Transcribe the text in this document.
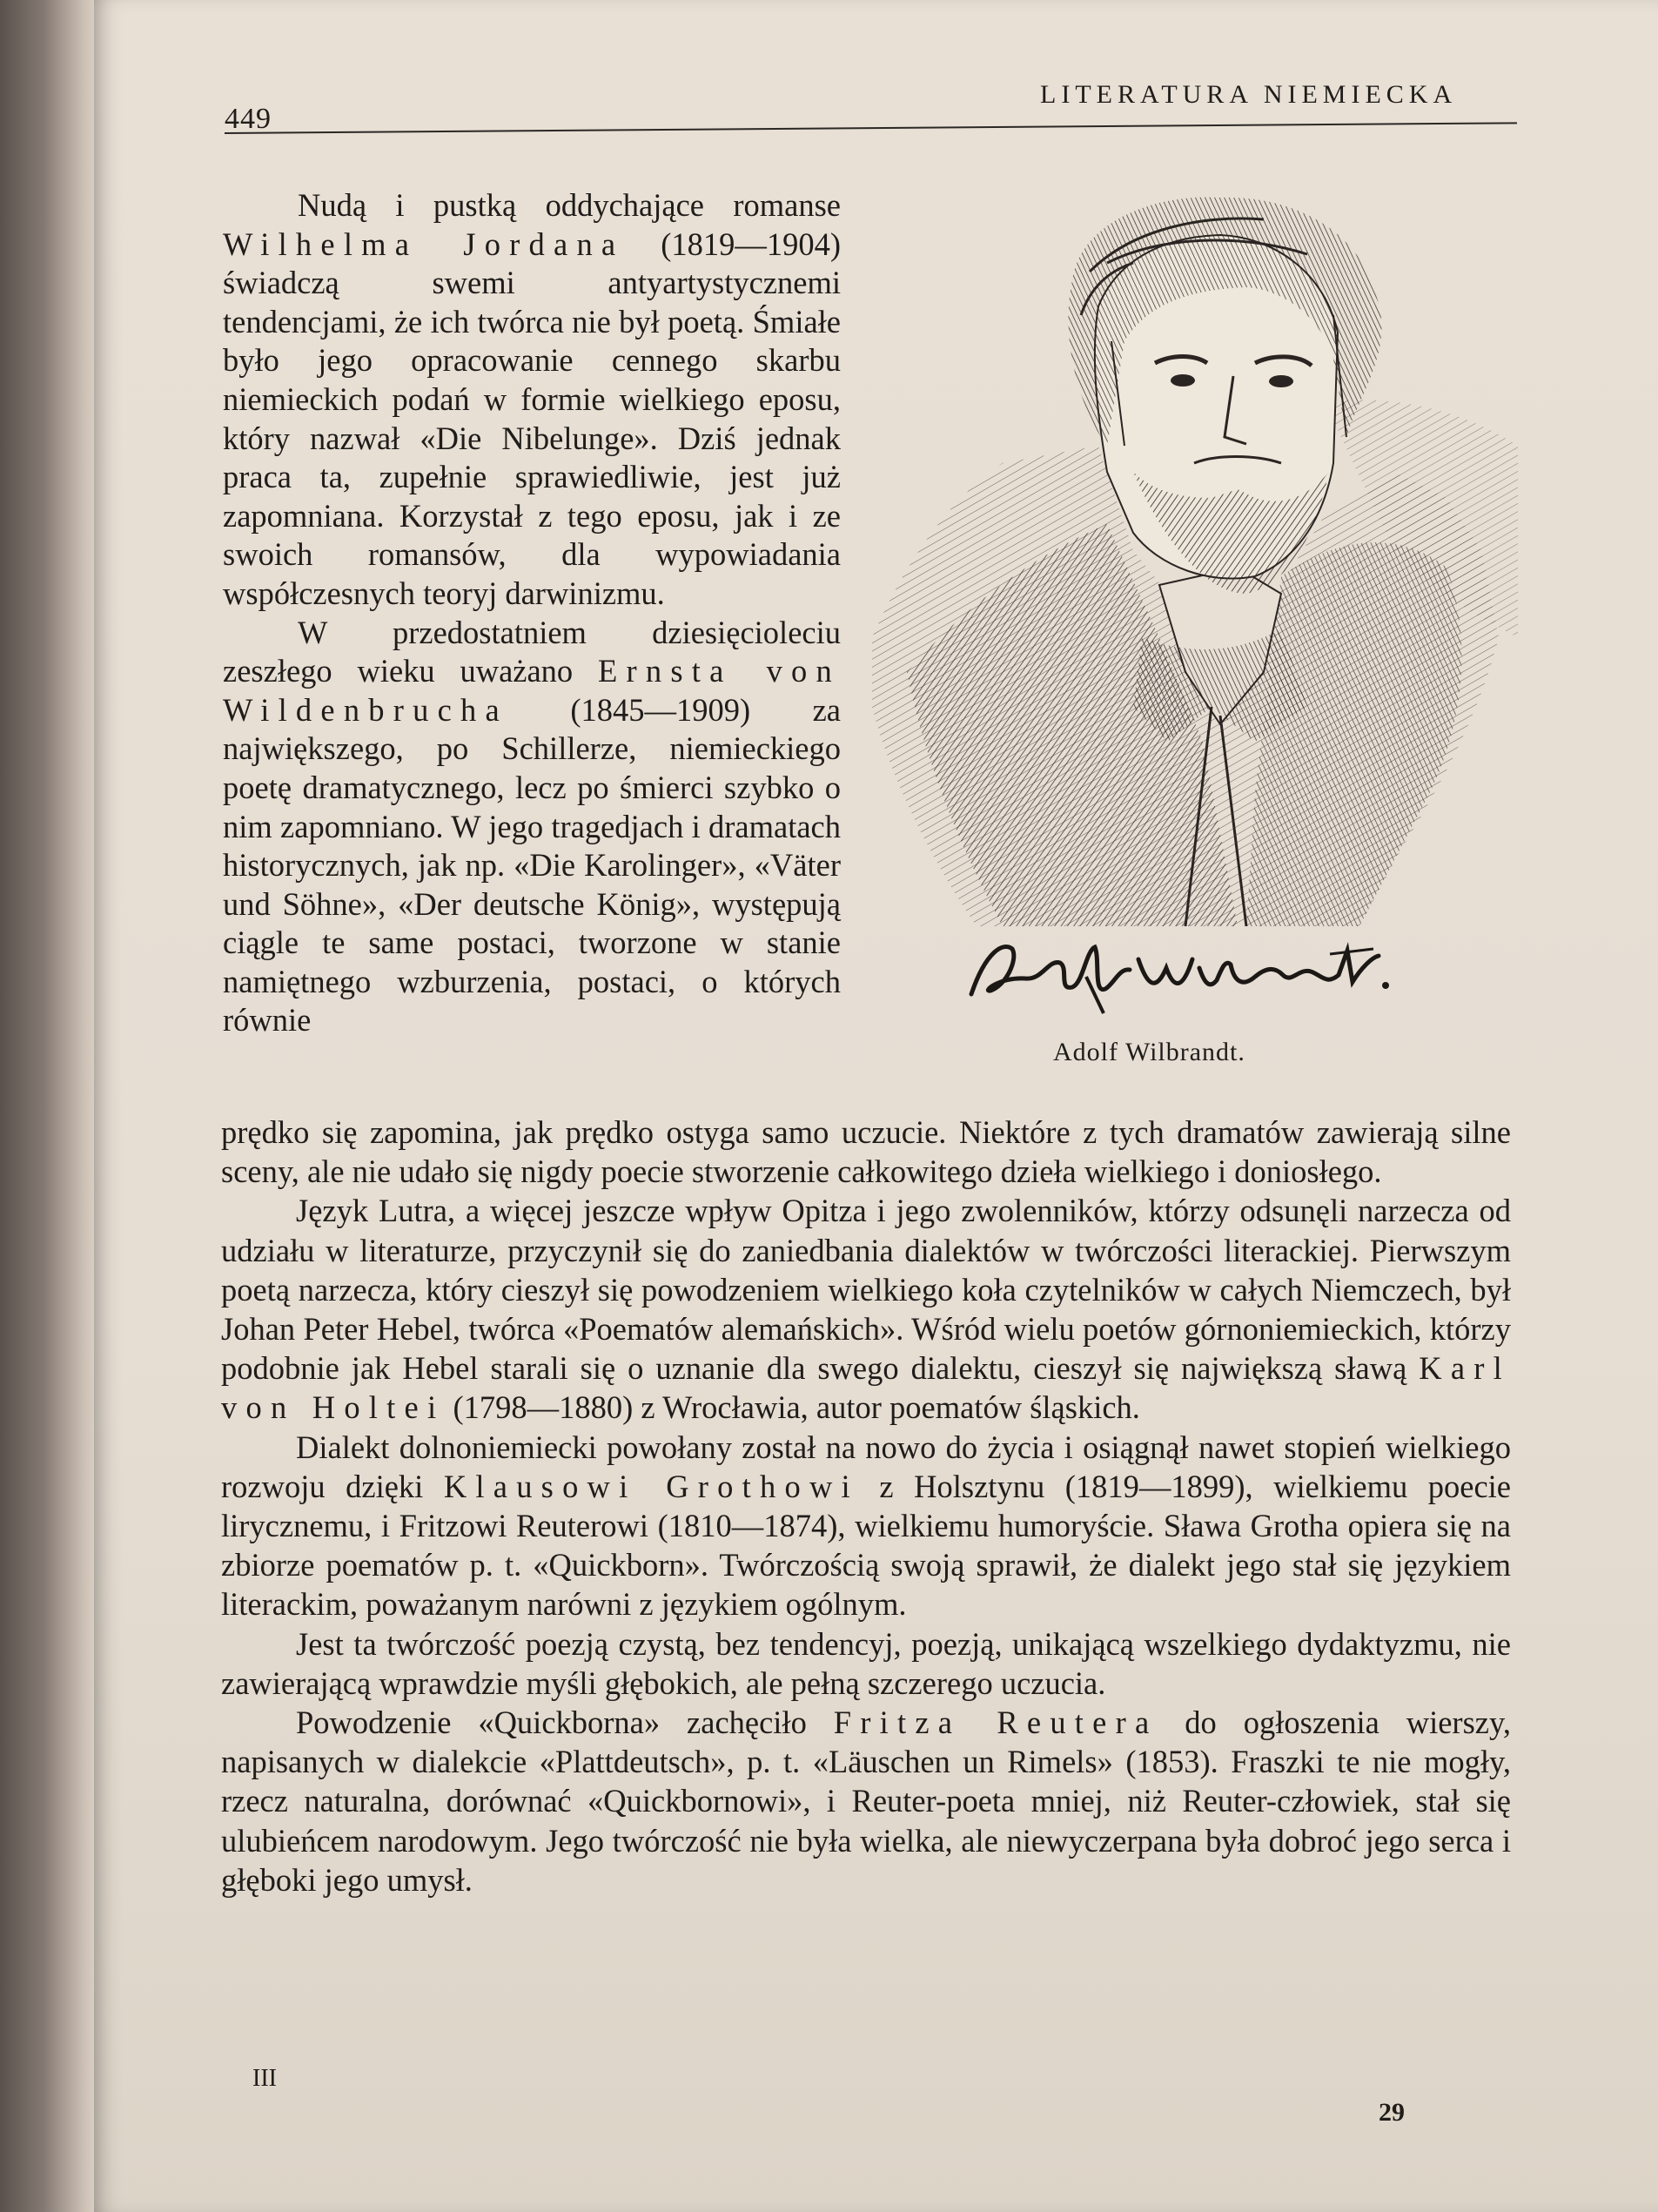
449
LITERATURA NIEMIECKA

Nudą i pustką oddychające romanse Wilhelma Jordana (1819—1904) świadczą swemi antyartystycznemi tendencjami, że ich twórca nie był poetą. Śmiałe było jego opracowanie cennego skarbu niemieckich podań w formie wielkiego eposu, który nazwał «Die Nibelunge». Dziś jednak praca ta, zupełnie sprawiedliwie, jest już zapomniana. Korzystał z tego eposu, jak i ze swoich romansów, dla wypowiadania współczesnych teoryj darwinizmu.

W przedostatniem dziesięcioleciu zeszłego wieku uważano Ernsta von Wildenbrucha (1845—1909) za największego, po Schillerze, niemieckiego poetę dramatycznego, lecz po śmierci szybko o nim zapomniano. W jego tragedjach i dramatach historycznych, jak np. «Die Karolinger», «Väter und Söhne», «Der deutsche König», występują ciągle te same postaci, tworzone w stanie namiętnego wzburzenia, postaci, o których równie

Adolf Wilbrandt.

prędko się zapomina, jak prędko ostyga samo uczucie. Niektóre z tych dramatów zawierają silne sceny, ale nie udało się nigdy poecie stworzenie całkowitego dzieła wielkiego i doniosłego.

Język Lutra, a więcej jeszcze wpływ Opitza i jego zwolenników, którzy odsunęli narzecza od udziału w literaturze, przyczynił się do zaniedbania dialektów w twórczości literackiej. Pierwszym poetą narzecza, który cieszył się powodzeniem wielkiego koła czytelników w całych Niemczech, był Johan Peter Hebel, twórca «Poematów alemańskich». Wśród wielu poetów górnoniemieckich, którzy podobnie jak Hebel starali się o uznanie dla swego dialektu, cieszył się największą sławą Karl von Holtei (1798—1880) z Wrocławia, autor poematów śląskich.

Dialekt dolnoniemiecki powołany został na nowo do życia i osiągnął nawet stopień wielkiego rozwoju dzięki Klausowi Grothowi z Holsztynu (1819—1899), wielkiemu poecie lirycznemu, i Fritzowi Reuterowi (1810—1874), wielkiemu humoryście. Sława Grotha opiera się na zbiorze poematów p. t. «Quickborn». Twórczością swoją sprawił, że dialekt jego stał się językiem literackim, poważanym narówni z językiem ogólnym.

Jest ta twórczość poezją czystą, bez tendencyj, poezją, unikającą wszelkiego dydaktyzmu, nie zawierającą wprawdzie myśli głębokich, ale pełną szczerego uczucia.

Powodzenie «Quickborna» zachęciło Fritza Reutera do ogłoszenia wierszy, napisanych w dialekcie «Plattdeutsch», p. t. «Läuschen un Rimels» (1853). Fraszki te nie mogły, rzecz naturalna, dorównać «Quickbornowi», i Reuter-poeta mniej, niż Reuter-człowiek, stał się ulubieńcem narodowym. Jego twórczość nie była wielka, ale niewyczerpana była dobroć jego serca i głęboki jego umysł.

III
29
